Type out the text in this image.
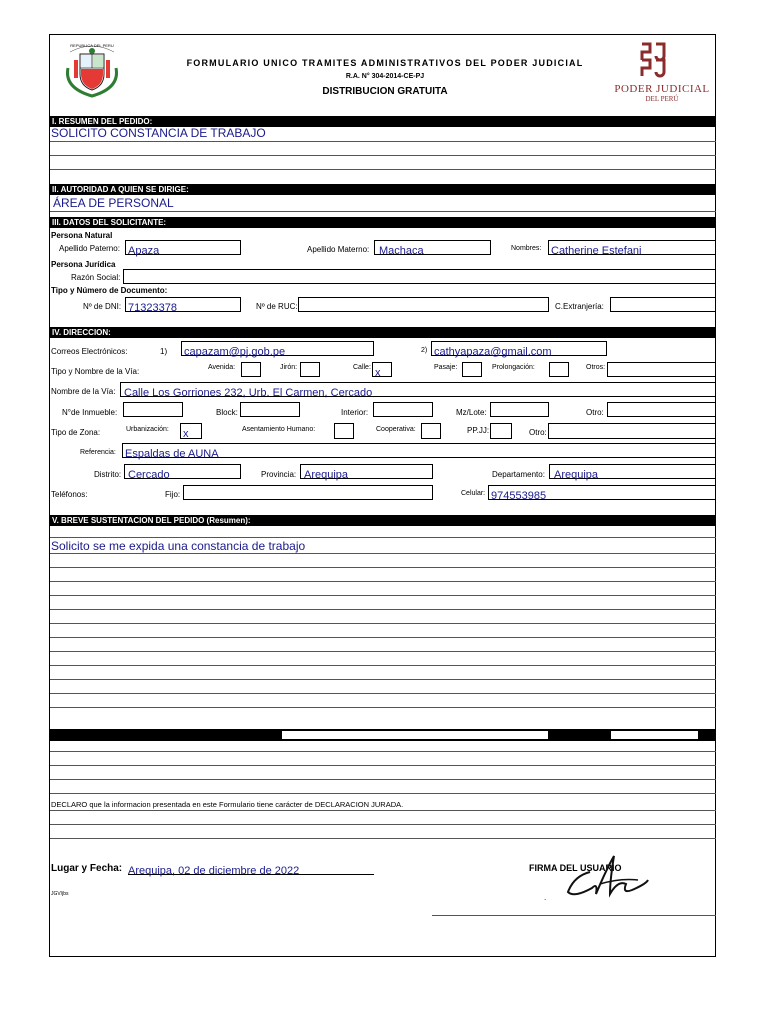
REPUBLICA DEL PERU
FORMULARIO UNICO TRAMITES ADMINISTRATIVOS DEL PODER JUDICIAL
R.A. N° 304-2014-CE-PJ
DISTRIBUCION GRATUITA	PODER JUDICIAL
DEL PERÚ
I. RESUMEN DEL PEDIDO:
SOLICITO CONSTANCIA DE TRABAJO
II. AUTORIDAD A QUIEN SE DIRIGE:
ÁREA DE PERSONAL
III. DATOS DEL SOLICITANTE:
Persona Natural
Apellido Paterno: Apaza	Apellido Materno: Machaca	Nombres: Catherine Estefani
Persona Jurídica
Razón Social:
Tipo y Número de Documento:
Nº de DNI: 71323378	Nº de RUC:	C.Extranjería:
IV. DIRECCION:
Correos Electrónicos:	1) capazam@pj.gob.pe	2) cathyapaza@gmail.com
Tipo y Nombre de la Vía:	Avenida:	Jirón:	Calle: x	Pasaje:	Prolongación:	Otros:
Nombre de la Vía: Calle Los Gorriones 232, Urb. El Carmen, Cercado
N°de Inmueble:	Block:	Interior:	Mz/Lote:	Otro:
Tipo de Zona:	Urbanización: x	Asentamiento Humano:	Cooperativa:	PP.JJ:	Otro:
Referencia: Espaldas de AUNA
Distrito: Cercado	Provincia: Arequipa	Departamento: Arequipa
Teléfonos:	Fijo:	Celular: 974553985
V. BREVE SUSTENTACION DEL PEDIDO (Resumen):
Solicito se me expida una constancia de trabajo
DECLARO que la informacion presentada en este Formulario tiene carácter de DECLARACION JURADA.
Lugar y Fecha: Arequipa, 02 de diciembre de 2022	FIRMA DEL USUARIO
.
JGV/jbs
